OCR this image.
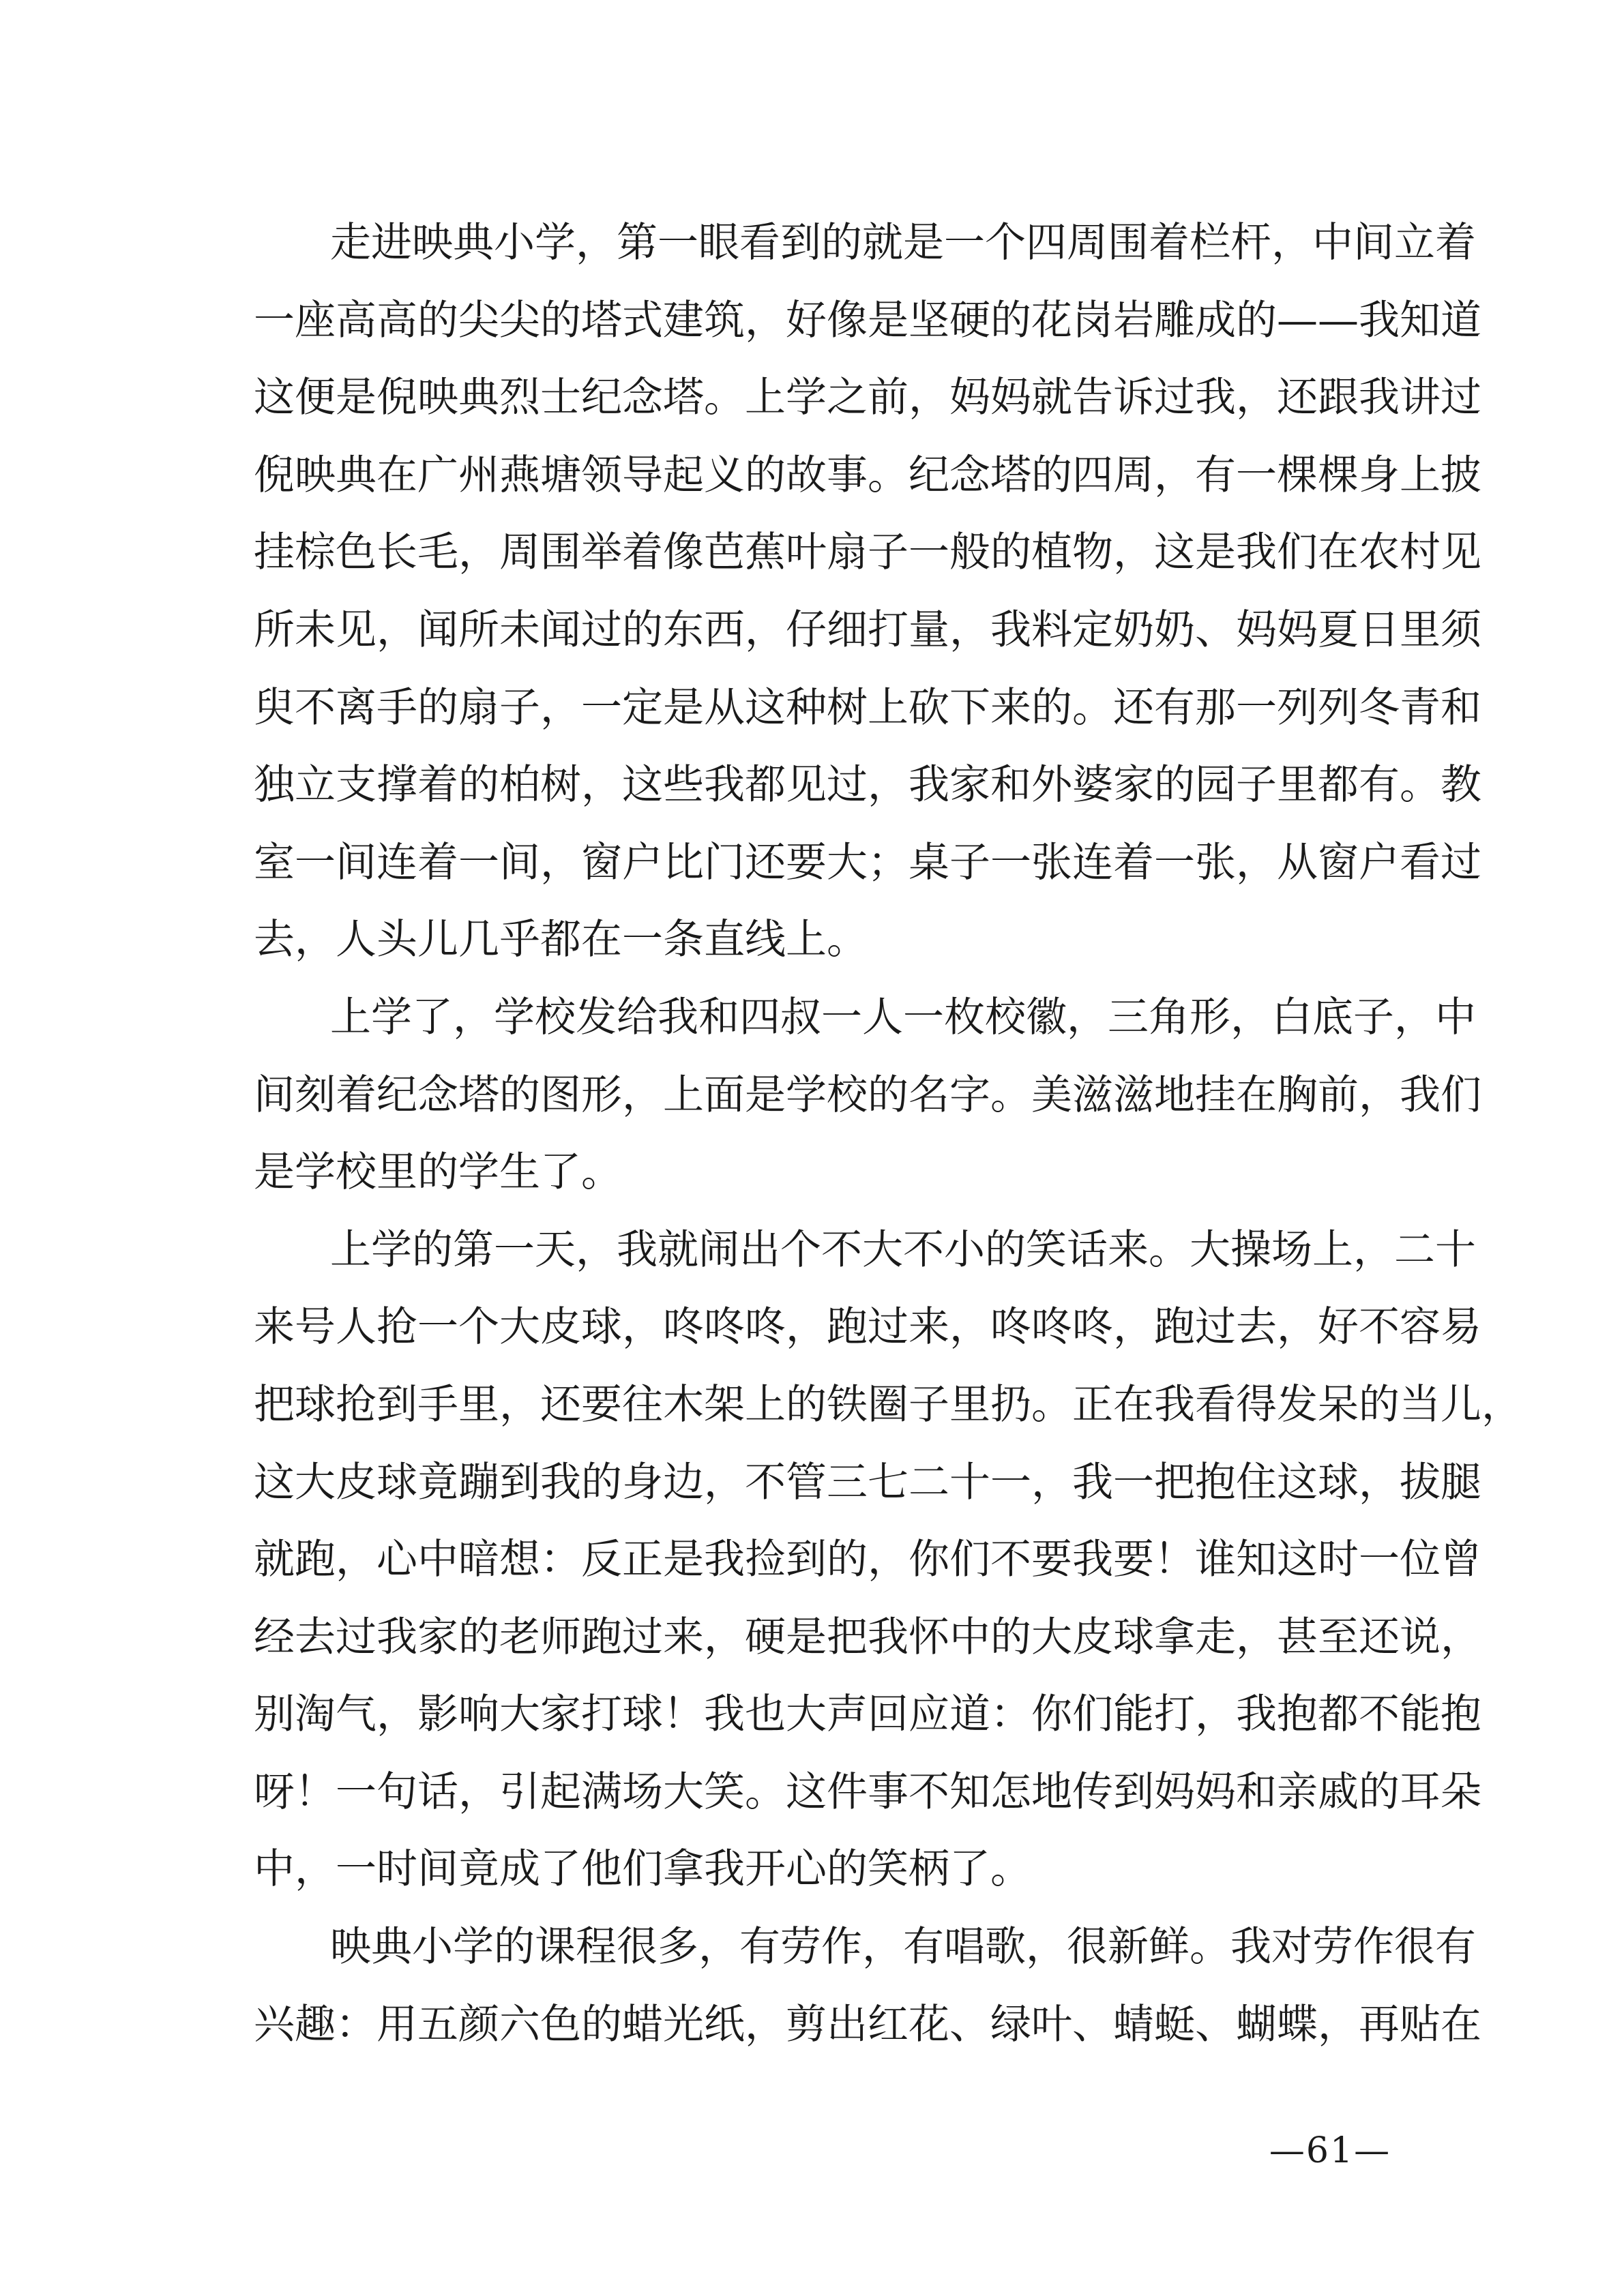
走进映典小学，第一眼看到的就是一个四周围着栏杆，中间立着
一座高高的尖尖的塔式建筑，好像是坚硬的花岗岩雕成的——我知道
这便是倪映典烈士纪念塔。上学之前，妈妈就告诉过我，还跟我讲过
倪映典在广州燕塘领导起义的故事。纪念塔的四周，有一棵棵身上披
挂棕色长毛，周围举着像芭蕉叶扇子一般的植物，这是我们在农村见
所未见，闻所未闻过的东西，仔细打量，我料定奶奶、妈妈夏日里须
臾不离手的扇子，一定是从这种树上砍下来的。还有那一列列冬青和
独立支撑着的柏树，这些我都见过，我家和外婆家的园子里都有。教
室一间连着一间，窗户比门还要大；桌子一张连着一张，从窗户看过
去，人头儿几乎都在一条直线上。
上学了，学校发给我和四叔一人一枚校徽，三角形，白底子，中
间刻着纪念塔的图形，上面是学校的名字。美滋滋地挂在胸前，我们
是学校里的学生了。
上学的第一天，我就闹出个不大不小的笑话来。大操场上，二十
来号人抢一个大皮球，咚咚咚，跑过来，咚咚咚，跑过去，好不容易
把球抢到手里，还要往木架上的铁圈子里扔。正在我看得发呆的当儿，
这大皮球竟蹦到我的身边，不管三七二十一，我一把抱住这球，拔腿
就跑，心中暗想：反正是我捡到的，你们不要我要！谁知这时一位曾
经去过我家的老师跑过来，硬是把我怀中的大皮球拿走，甚至还说，
别淘气，影响大家打球！我也大声回应道：你们能打，我抱都不能抱
呀！一句话，引起满场大笑。这件事不知怎地传到妈妈和亲戚的耳朵
中，一时间竟成了他们拿我开心的笑柄了。
映典小学的课程很多，有劳作，有唱歌，很新鲜。我对劳作很有
兴趣：用五颜六色的蜡光纸，剪出红花、绿叶、蜻蜓、蝴蝶，再贴在
—61—
